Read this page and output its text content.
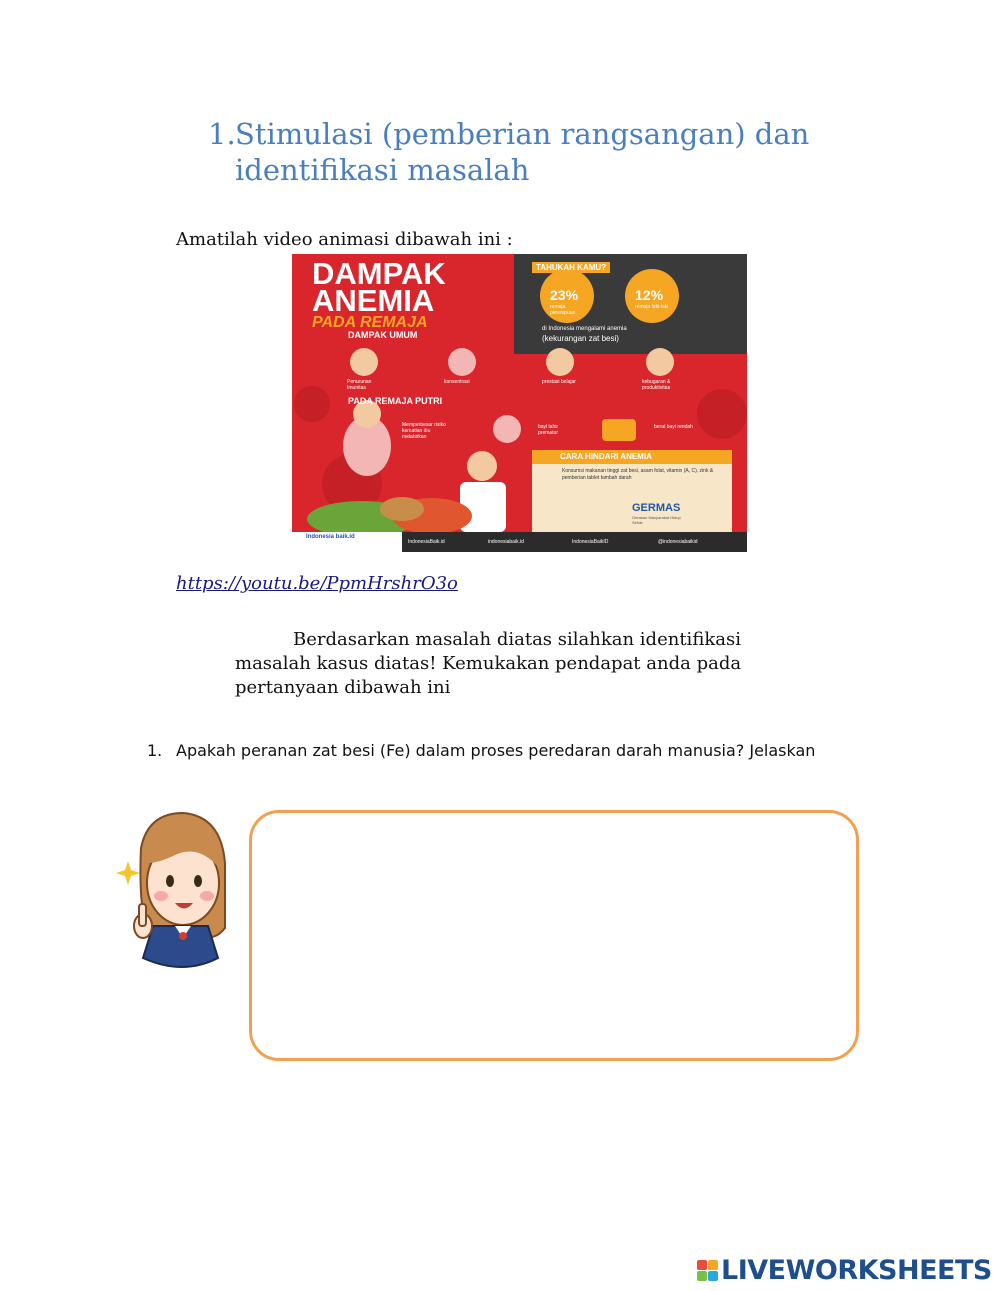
1. Stimulasi (pemberian rangsangan) dan identifikasi masalah
Amatilah video animasi dibawah ini :
DAMPAK
ANEMIA
PADA REMAJA
TAHUKAH KAMU?
23%
remaja perempuan
12%
remaja laki-laki
di Indonesia mengalami anemia
(kekurangan zat besi)
DAMPAK UMUM
Penurunan Imunitas
konsentrasi	prestasi belajar	kebugaran & produktivitas
PADA REMAJA PUTRI
Memperbesar risiko kematian ibu melahirkan
bayi lahir prematur
berat bayi rendah
CARA HINDARI ANEMIA
Konsumsi makanan tinggi zat besi, asam folat, vitamin (A, C), zink & pemberian tablet tambah darah
GERMAS
Gerakan Masyarakat Hidup Sehat
Indonesia baik.id
IndonesiaBaik.id	indonesiabaik.id	IndonesiaBaikID	@indonesiabaikid
https://youtu.be/PpmHrshrO3o
Berdasarkan masalah diatas silahkan identifikasi masalah kasus diatas! Kemukakan pendapat anda pada pertanyaan dibawah ini
1. Apakah peranan zat besi (Fe) dalam proses peredaran darah manusia? Jelaskan
LIVEWORKSHEETS
